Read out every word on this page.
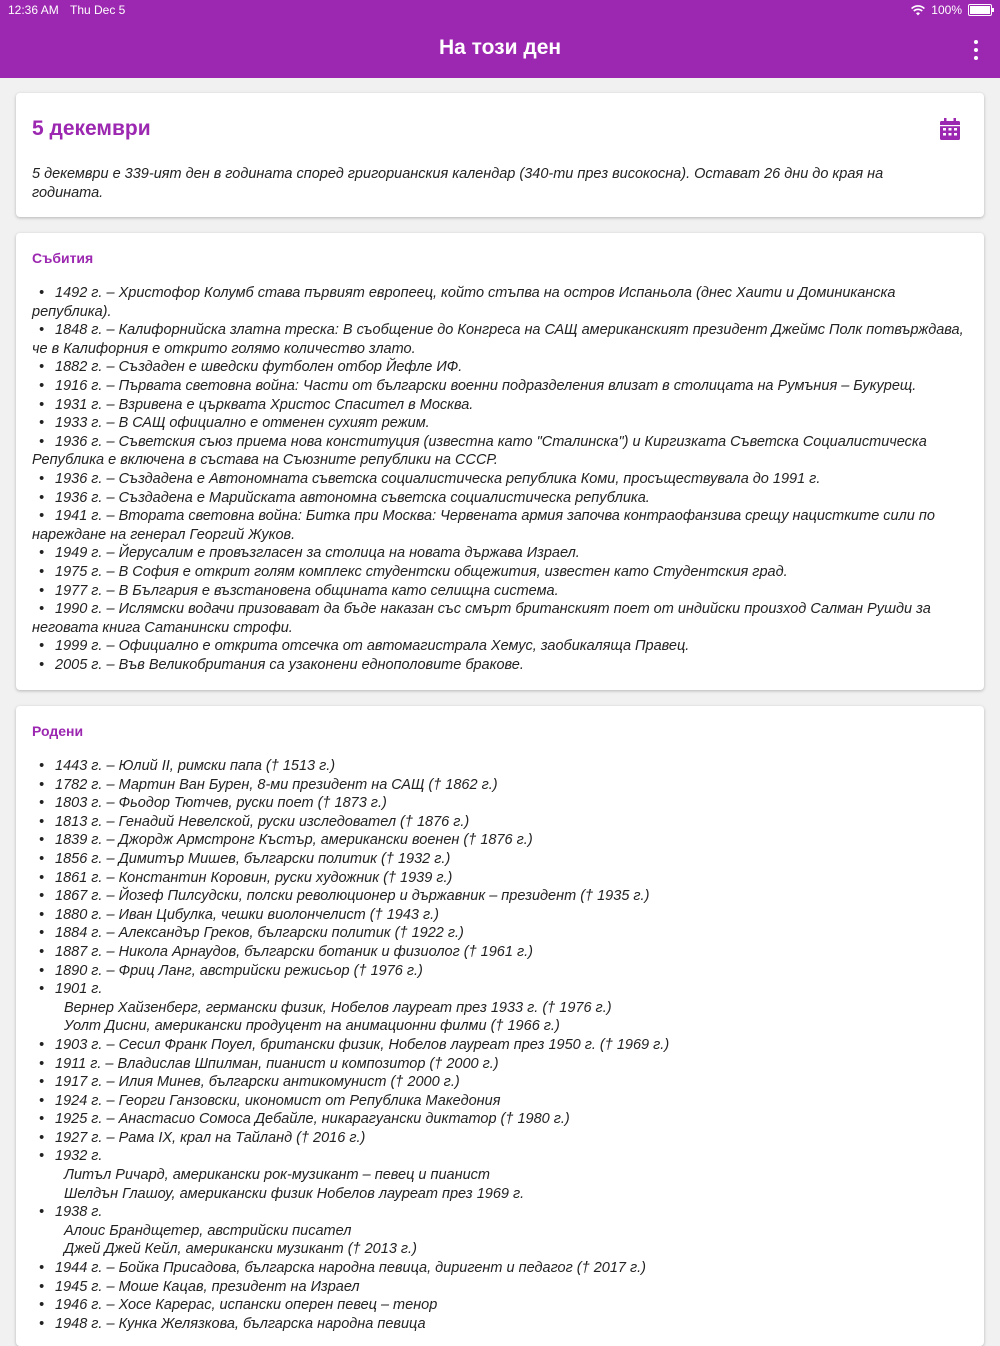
12:36 AM Thu Dec 5	100%
На този ден
5 декември
5 декември е 339-ият ден в годината според григорианския календар (340-ти през високосна). Остават 26 дни до края на годината.
Събития
• 1492 г. – Христофор Колумб става първият европеец, който стъпва на остров Испаньола (днес Хаити и Доминиканска република).
• 1848 г. – Калифорнийска златна треска: В съобщение до Конгреса на САЩ американският президент Джеймс Полк потвърждава, че в Калифорния е открито голямо количество злато.
• 1882 г. – Създаден е шведски футболен отбор Йефле ИФ.
• 1916 г. – Първата световна война: Части от български военни подразделения влизат в столицата на Румъния – Букурещ.
• 1931 г. – Взривена е църквата Христос Спасител в Москва.
• 1933 г. – В САЩ официално е отменен сухият режим.
• 1936 г. – Съветския съюз приема нова конституция (известна като "Сталинска") и Киргизката Съветска Социалистическа Република е включена в състава на Съюзните републики на СССР.
• 1936 г. – Създадена е Автономната съветска социалистическа република Коми, просъществувала до 1991 г.
• 1936 г. – Създадена е Марийската автономна съветска социалистическа република.
• 1941 г. – Втората световна война: Битка при Москва: Червената армия започва контраофанзива срещу нацистките сили по нареждане на генерал Георгий Жуков.
• 1949 г. – Йерусалим е провъзгласен за столица на новата държава Израел.
• 1975 г. – В София е открит голям комплекс студентски общежития, известен като Студентския град.
• 1977 г. – В България е възстановена общината като селищна система.
• 1990 г. – Ислямски водачи призовават да бъде наказан със смърт британският поет от индийски произход Салман Рушди за неговата книга Сатанински строфи.
• 1999 г. – Официално е открита отсечка от автомагистрала Хемус, заобикаляща Правец.
• 2005 г. – Във Великобритания са узаконени еднополовите бракове.
Родени
• 1443 г. – Юлий II, римски папа († 1513 г.)
• 1782 г. – Мартин Ван Бурен, 8-ми президент на САЩ († 1862 г.)
• 1803 г. – Фьодор Тютчев, руски поет († 1873 г.)
• 1813 г. – Генадий Невелской, руски изследовател († 1876 г.)
• 1839 г. – Джордж Армстронг Къстър, американски военен († 1876 г.)
• 1856 г. – Димитър Мишев, български политик († 1932 г.)
• 1861 г. – Константин Коровин, руски художник († 1939 г.)
• 1867 г. – Йозеф Пилсудски, полски революционер и държавник – президент († 1935 г.)
• 1880 г. – Иван Цибулка, чешки виолончелист († 1943 г.)
• 1884 г. – Александър Греков, български политик († 1922 г.)
• 1887 г. – Никола Арнаудов, български ботаник и физиолог († 1961 г.)
• 1890 г. – Фриц Ланг, австрийски режисьор († 1976 г.)
• 1901 г.
Вернер Хайзенберг, германски физик, Нобелов лауреат през 1933 г. († 1976 г.)
Уолт Дисни, американски продуцент на анимационни филми († 1966 г.)
• 1903 г. – Сесил Франк Поуел, британски физик, Нобелов лауреат през 1950 г. († 1969 г.)
• 1911 г. – Владислав Шпилман, пианист и композитор († 2000 г.)
• 1917 г. – Илия Минев, български антикомунист († 2000 г.)
• 1924 г. – Георги Ганзовски, икономист от Република Македония
• 1925 г. – Анастасио Сомоса Дебайле, никарагуански диктатор († 1980 г.)
• 1927 г. – Рама IX, крал на Тайланд († 2016 г.)
• 1932 г.
Литъл Ричард, американски рок-музикант – певец и пианист
Шелдън Глашоу, американски физик Нобелов лауреат през 1969 г.
• 1938 г.
Алоис Брандщетер, австрийски писател
Джей Джей Кейл, американски музикант († 2013 г.)
• 1944 г. – Бойка Присадова, българска народна певица, диригент и педагог († 2017 г.)
• 1945 г. – Моше Кацав, президент на Израел
• 1946 г. – Хосе Карерас, испански оперен певец – тенор
• 1948 г. – Кунка Желязкова, българска народна певица
